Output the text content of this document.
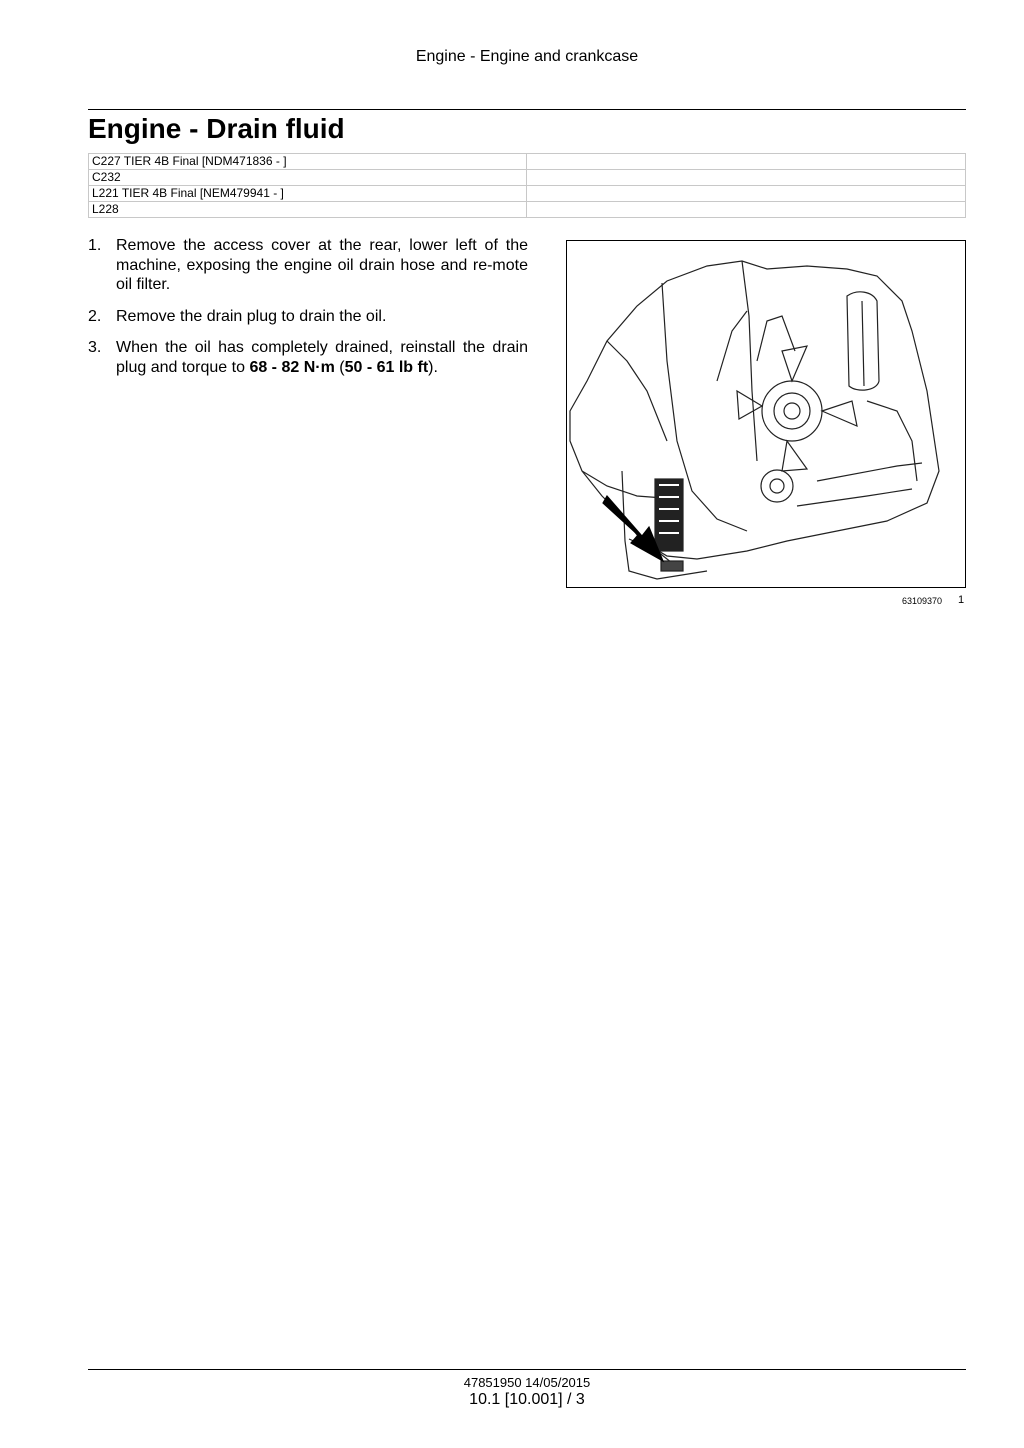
Engine - Engine and crankcase
Engine - Drain fluid
C227 TIER 4B Final [NDM471836 - ]	
C232	
L221 TIER 4B Final [NEM479941 - ]	
L228	
1. Remove the access cover at the rear, lower left of the machine, exposing the engine oil drain hose and re-mote oil filter.
2. Remove the drain plug to drain the oil.
3. When the oil has completely drained, reinstall the drain plug and torque to 68 - 82 N·m (50 - 61 lb ft).
63109370 1
47851950 14/05/2015
10.1 [10.001] / 3
